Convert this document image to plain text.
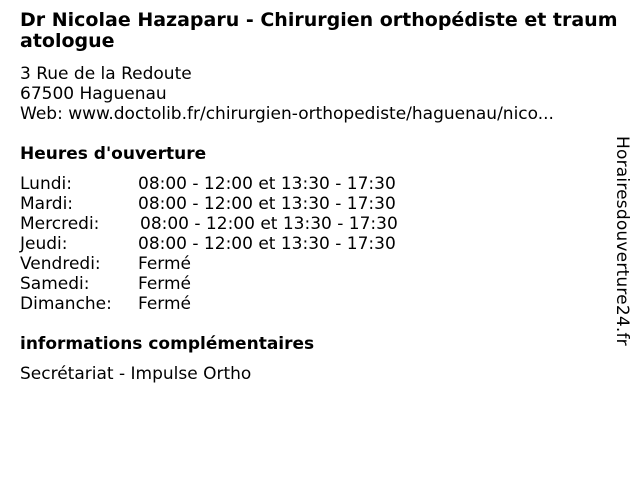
Dr Nicolae Hazaparu - Chirurgien orthopédiste et traumatologue
3 Rue de la Redoute
67500 Haguenau
Web: www.doctolib.fr/chirurgien-orthopediste/haguenau/nico...
Heures d'ouverture
Lundi:	08:00 - 12:00 et 13:30 - 17:30
Mardi:	08:00 - 12:00 et 13:30 - 17:30
Mercredi: 08:00 - 12:00 et 13:30 - 17:30
Jeudi:	08:00 - 12:00 et 13:30 - 17:30
Vendredi: Fermé
Samedi:	Fermé
Dimanche: Fermé
informations complémentaires
Secrétariat - Impulse Ortho
Horairesdouverture24.fr
